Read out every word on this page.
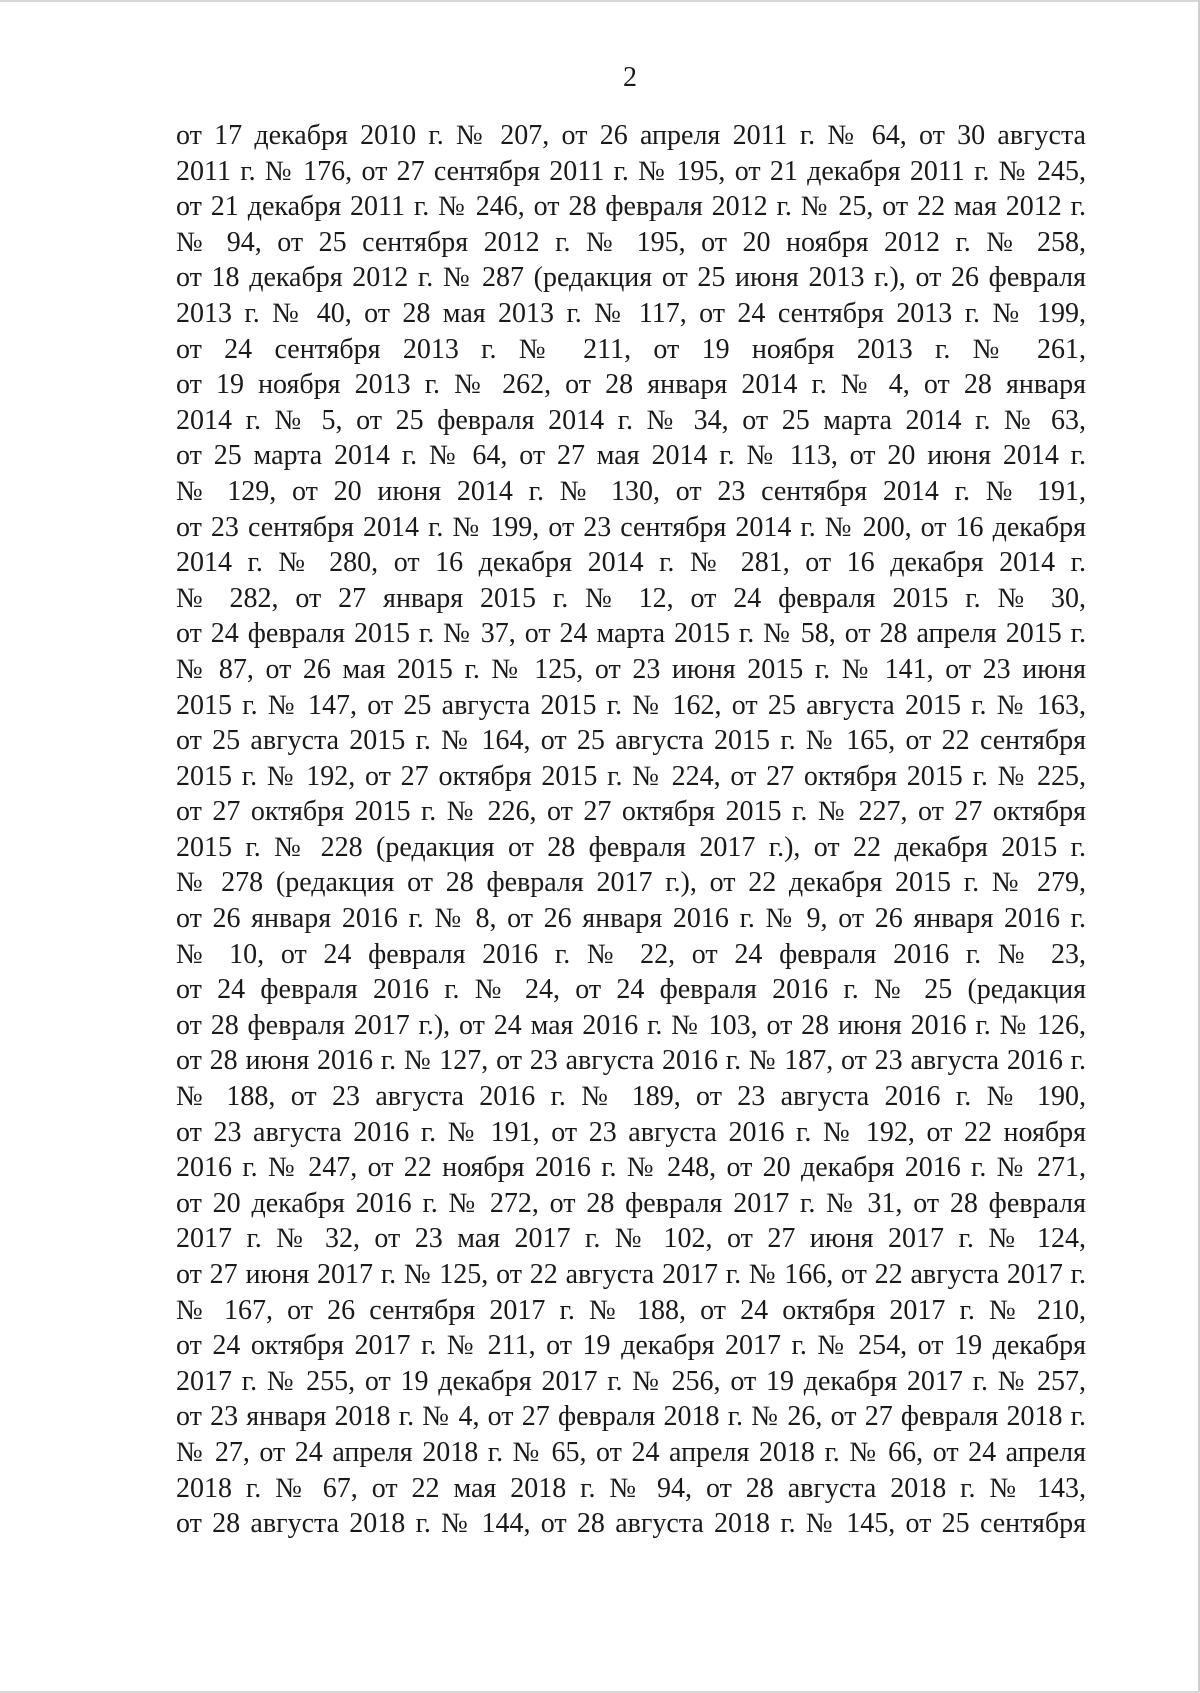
2
от 17 декабря 2010 г. № 207, от 26 апреля 2011 г. № 64, от 30 августа
2011 г. № 176, от 27 сентября 2011 г. № 195, от 21 декабря 2011 г. № 245,
от 21 декабря 2011 г. № 246, от 28 февраля 2012 г. № 25, от 22 мая 2012 г.
№ 94, от 25 сентября 2012 г. № 195, от 20 ноября 2012 г. № 258,
от 18 декабря 2012 г. № 287 (редакция от 25 июня 2013 г.), от 26 февраля
2013 г. № 40, от 28 мая 2013 г. № 117, от 24 сентября 2013 г. № 199,
от 24 сентября 2013 г. № 211, от 19 ноября 2013 г. № 261,
от 19 ноября 2013 г. № 262, от 28 января 2014 г. № 4, от 28 января
2014 г. № 5, от 25 февраля 2014 г. № 34, от 25 марта 2014 г. № 63,
от 25 марта 2014 г. № 64, от 27 мая 2014 г. № 113, от 20 июня 2014 г.
№ 129, от 20 июня 2014 г. № 130, от 23 сентября 2014 г. № 191,
от 23 сентября 2014 г. № 199, от 23 сентября 2014 г. № 200, от 16 декабря
2014 г. № 280, от 16 декабря 2014 г. № 281, от 16 декабря 2014 г.
№ 282, от 27 января 2015 г. № 12, от 24 февраля 2015 г. № 30,
от 24 февраля 2015 г. № 37, от 24 марта 2015 г. № 58, от 28 апреля 2015 г.
№ 87, от 26 мая 2015 г. № 125, от 23 июня 2015 г. № 141, от 23 июня
2015 г. № 147, от 25 августа 2015 г. № 162, от 25 августа 2015 г. № 163,
от 25 августа 2015 г. № 164, от 25 августа 2015 г. № 165, от 22 сентября
2015 г. № 192, от 27 октября 2015 г. № 224, от 27 октября 2015 г. № 225,
от 27 октября 2015 г. № 226, от 27 октября 2015 г. № 227, от 27 октября
2015 г. № 228 (редакция от 28 февраля 2017 г.), от 22 декабря 2015 г.
№ 278 (редакция от 28 февраля 2017 г.), от 22 декабря 2015 г. № 279,
от 26 января 2016 г. № 8, от 26 января 2016 г. № 9, от 26 января 2016 г.
№ 10, от 24 февраля 2016 г. № 22, от 24 февраля 2016 г. № 23,
от 24 февраля 2016 г. № 24, от 24 февраля 2016 г. № 25 (редакция
от 28 февраля 2017 г.), от 24 мая 2016 г. № 103, от 28 июня 2016 г. № 126,
от 28 июня 2016 г. № 127, от 23 августа 2016 г. № 187, от 23 августа 2016 г.
№ 188, от 23 августа 2016 г. № 189, от 23 августа 2016 г. № 190,
от 23 августа 2016 г. № 191, от 23 августа 2016 г. № 192, от 22 ноября
2016 г. № 247, от 22 ноября 2016 г. № 248, от 20 декабря 2016 г. № 271,
от 20 декабря 2016 г. № 272, от 28 февраля 2017 г. № 31, от 28 февраля
2017 г. № 32, от 23 мая 2017 г. № 102, от 27 июня 2017 г. № 124,
от 27 июня 2017 г. № 125, от 22 августа 2017 г. № 166, от 22 августа 2017 г.
№ 167, от 26 сентября 2017 г. № 188, от 24 октября 2017 г. № 210,
от 24 октября 2017 г. № 211, от 19 декабря 2017 г. № 254, от 19 декабря
2017 г. № 255, от 19 декабря 2017 г. № 256, от 19 декабря 2017 г. № 257,
от 23 января 2018 г. № 4, от 27 февраля 2018 г. № 26, от 27 февраля 2018 г.
№ 27, от 24 апреля 2018 г. № 65, от 24 апреля 2018 г. № 66, от 24 апреля
2018 г. № 67, от 22 мая 2018 г. № 94, от 28 августа 2018 г. № 143,
от 28 августа 2018 г. № 144, от 28 августа 2018 г. № 145, от 25 сентября
